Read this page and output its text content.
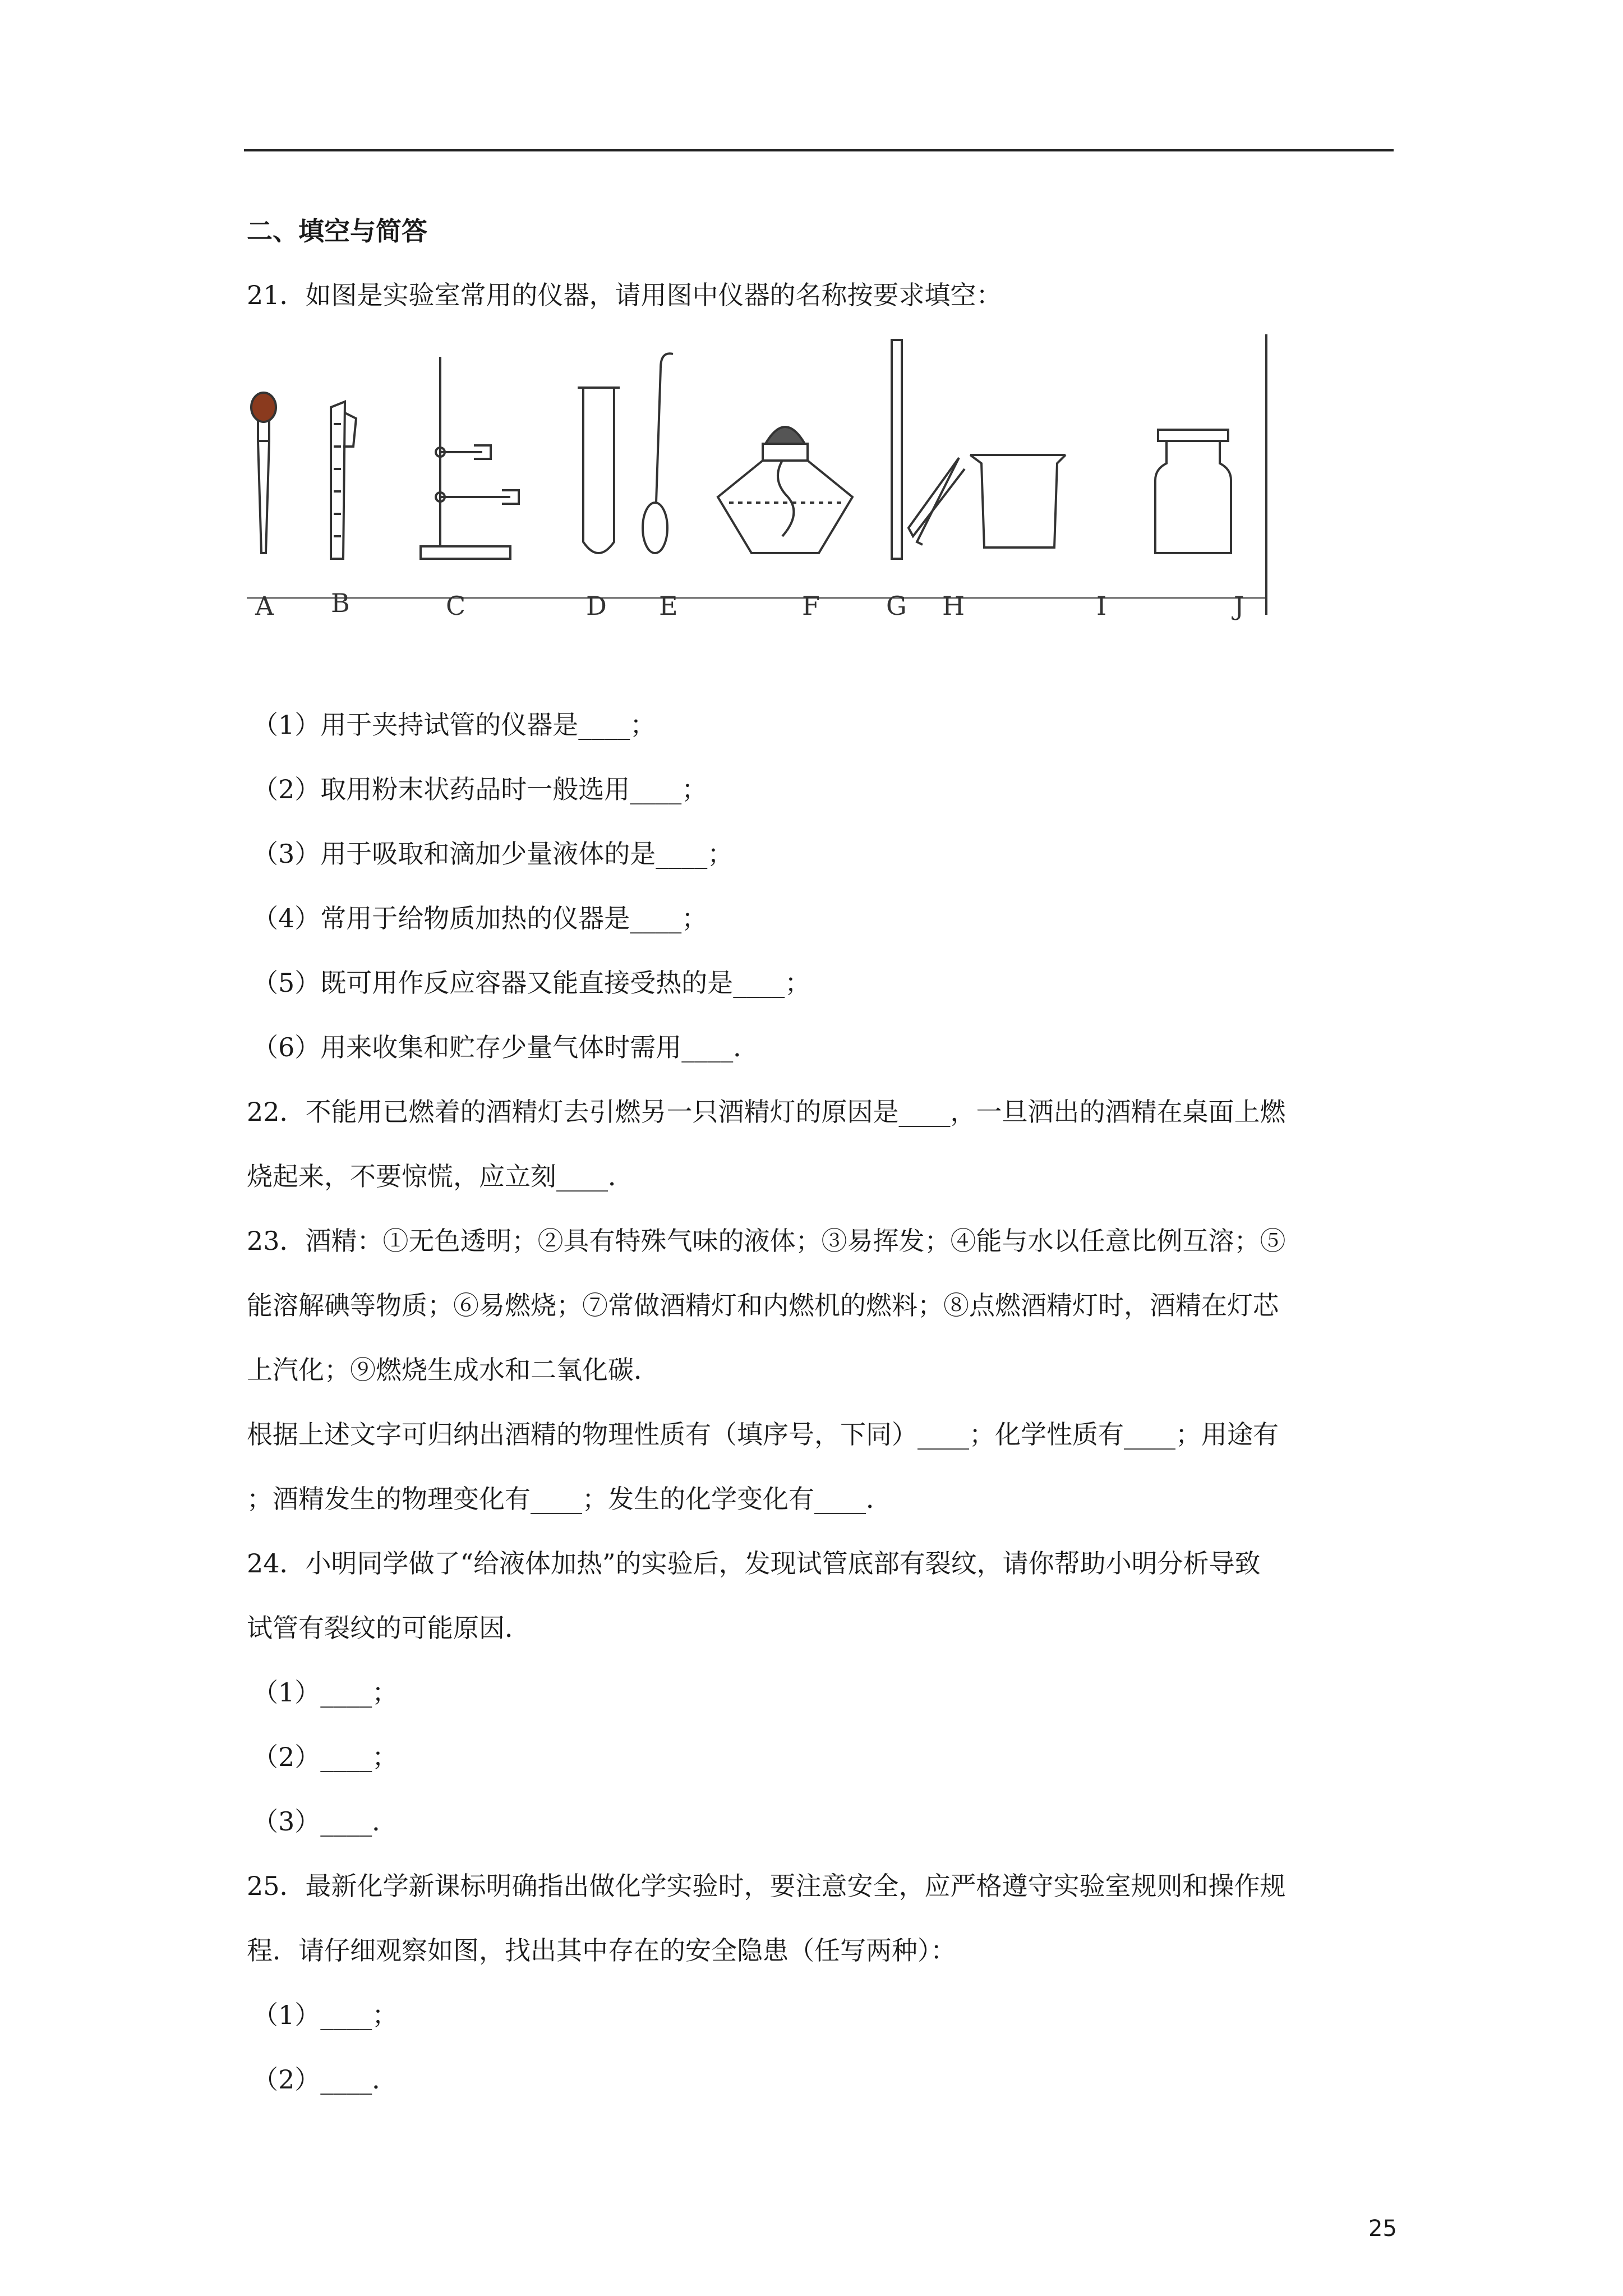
二、填空与简答
21．如图是实验室常用的仪器，请用图中仪器的名称按要求填空：
A B	C	D E	F	G H	I	J
（1）用于夹持试管的仪器是____；
（2）取用粉末状药品时一般选用____；
（3）用于吸取和滴加少量液体的是____；
（4）常用于给物质加热的仪器是____；
（5）既可用作反应容器又能直接受热的是____；
（6）用来收集和贮存少量气体时需用____．
22．不能用已燃着的酒精灯去引燃另一只酒精灯的原因是____，一旦洒出的酒精在桌面上燃
烧起来，不要惊慌，应立刻____．
23．酒精：①无色透明；②具有特殊气味的液体；③易挥发；④能与水以任意比例互溶；⑤
能溶解碘等物质；⑥易燃烧；⑦常做酒精灯和内燃机的燃料；⑧点燃酒精灯时，酒精在灯芯
上汽化；⑨燃烧生成水和二氧化碳．
根据上述文字可归纳出酒精的物理性质有（填序号，下同）____；化学性质有____；用途有
；酒精发生的物理变化有____；发生的化学变化有____．
24．小明同学做了“给液体加热”的实验后，发现试管底部有裂纹，请你帮助小明分析导致
试管有裂纹的可能原因．
（1）____；
（2）____；
（3）____．
25．最新化学新课标明确指出做化学实验时，要注意安全，应严格遵守实验室规则和操作规
程．请仔细观察如图，找出其中存在的安全隐患（任写两种）：
（1）____；
（2）____．
25
